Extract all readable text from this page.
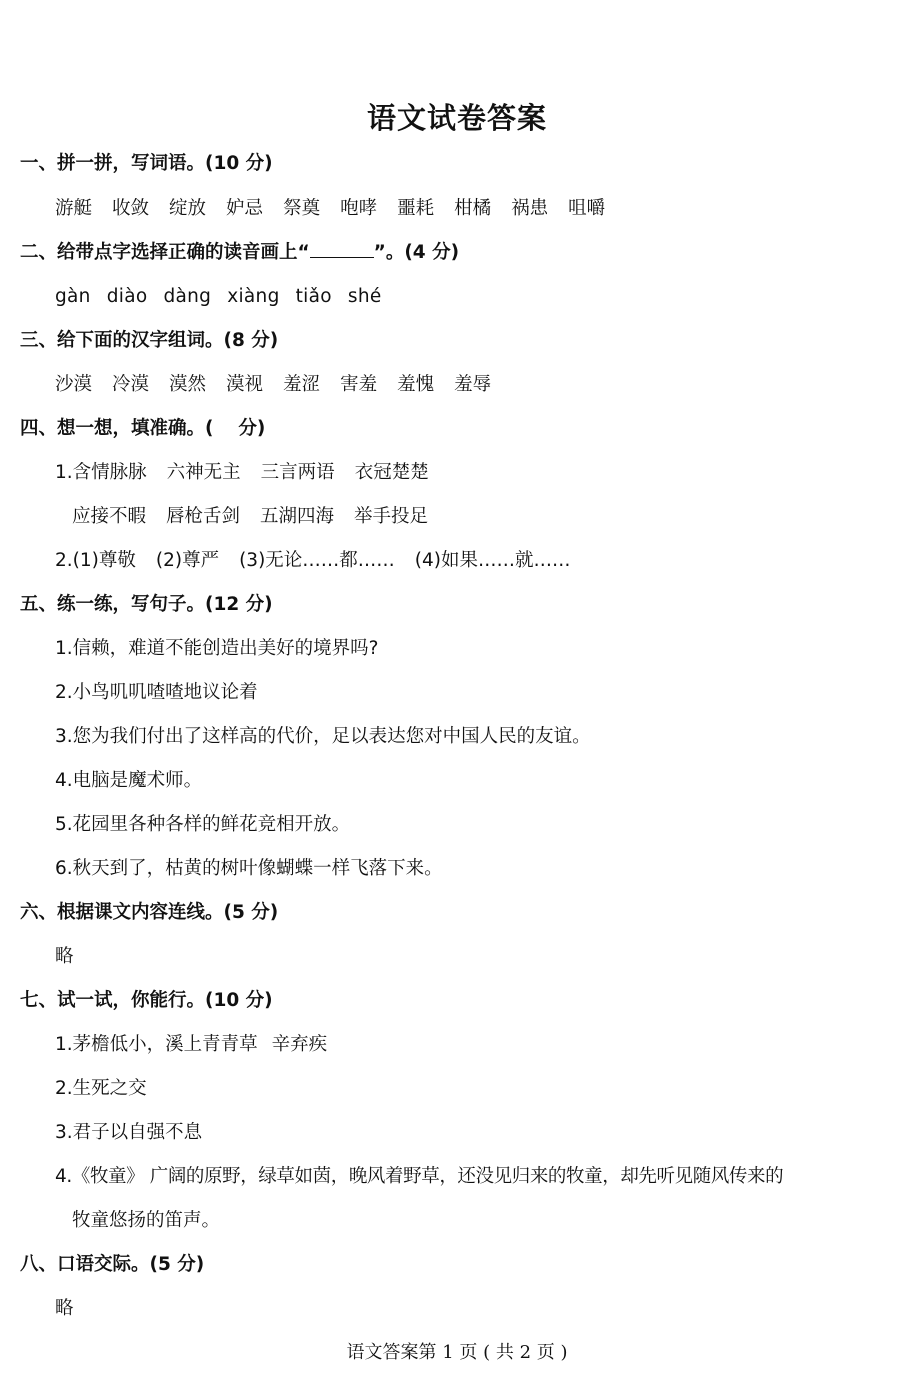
语文试卷答案
一、拼一拼，写词语。(10 分)
游艇 收敛 绽放 妒忌 祭奠 咆哮 噩耗 柑橘 祸患 咀嚼
二、给带点字选择正确的读音画上“	”。(4 分)
gàn diào dàng xiàng tiǎo shé
三、给下面的汉字组词。(8 分)
沙漠 冷漠 漠然 漠视 羞涩 害羞 羞愧 羞辱
四、想一想，填准确。(　 分)
1.含情脉脉 六神无主 三言两语 衣冠楚楚
应接不暇 唇枪舌剑 五湖四海 举手投足
2.(1)尊敬 (2)尊严 (3)无论……都…… (4)如果……就……
五、练一练，写句子。(12 分)
1.信赖，难道不能创造出美好的境界吗?
2.小鸟叽叽喳喳地议论着
3.您为我们付出了这样高的代价，足以表达您对中国人民的友谊。
4.电脑是魔术师。
5.花园里各种各样的鲜花竞相开放。
6.秋天到了，枯黄的树叶像蝴蝶一样飞落下来。
六、根据课文内容连线。(5 分)
略
七、试一试，你能行。(10 分)
1.茅檐低小，溪上青青草 辛弃疾
2.生死之交
3.君子以自强不息
4.《牧童》 广阔的原野，绿草如茵，晚风着野草，还没见归来的牧童，却先听见随风传来的
牧童悠扬的笛声。
八、口语交际。(5 分)
略
语文答案第 1 页 ( 共 2 页 )
